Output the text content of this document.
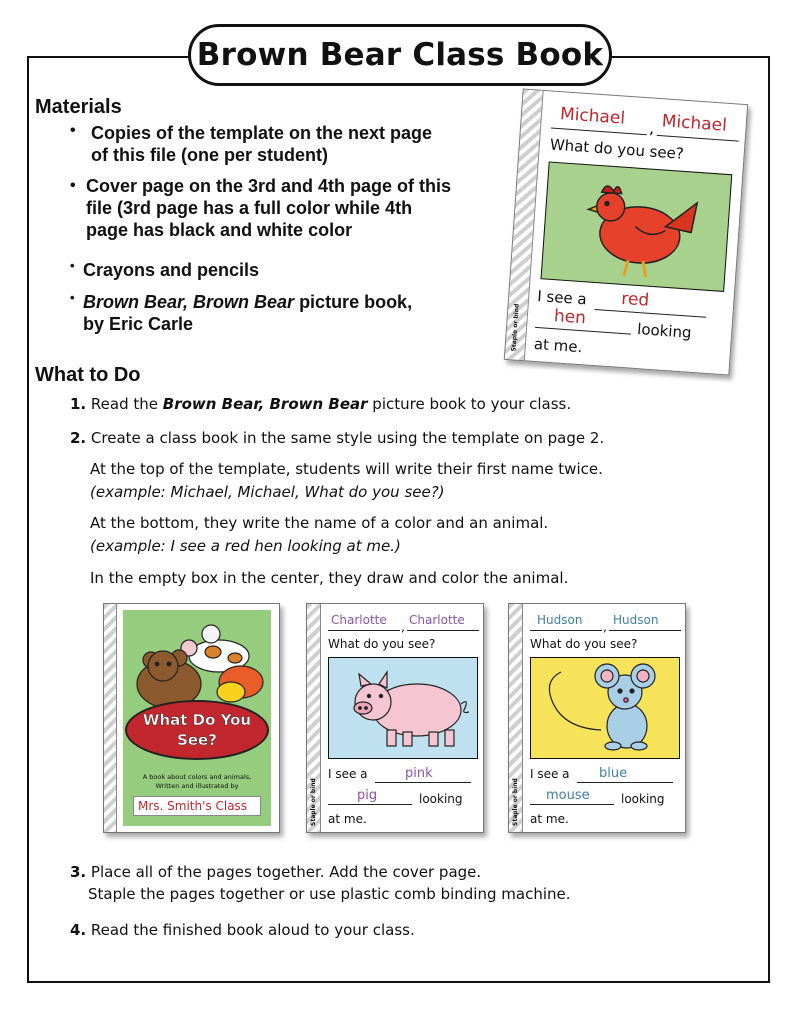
Brown Bear Class Book
Materials
• Copies of the template on the next page
of this file (one per student)
• Cover page on the 3rd and 4th page of this
file (3rd page has a full color while 4th
page has black and white color
• Crayons and pencils
• Brown Bear, Brown Bear picture book,
by Eric Carle	Staple or bind
Michael , Michael
What do you see?
I see a red
hen
looking
at me.
What to Do
1. Read the Brown Bear, Brown Bear picture book to your class.
2. Create a class book in the same style using the template on page 2.
At the top of the template, students will write their first name twice.
(example: Michael, Michael, What do you see?)
At the bottom, they write the name of a color and an animal.
(example: I see a red hen looking at me.)
In the empty box in the center, they draw and color the animal.
What Do You
See?
A book about colors and animals,
Written and illustrated by
Mrs. Smith's Class	Staple or bind
Charlotte , Charlotte
What do you see?
I see a	pink
pig	looking
at me.	Staple or bind
Hudson , Hudson
What do you see?
I see a blue
mouse	looking
at me.
3. Place all of the pages together. Add the cover page.
Staple the pages together or use plastic comb binding machine.
4. Read the finished book aloud to your class.
